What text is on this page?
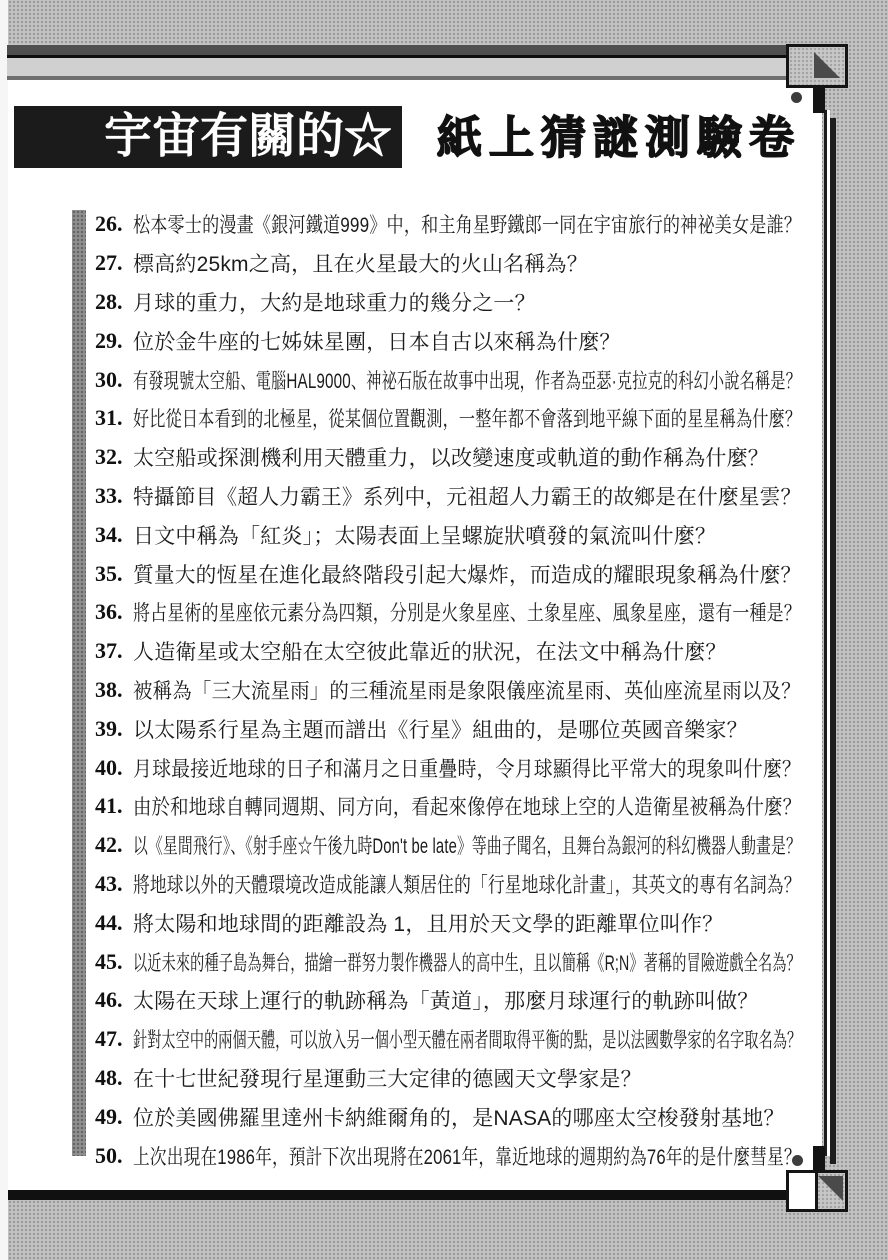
宇宙有關的☆ 紙上猜謎測驗卷
26. 松本零士的漫畫《銀河鐵道999》中，和主角星野鐵郎一同在宇宙旅行的神祕美女是誰？
27. 標高約25km之高，且在火星最大的火山名稱為？
28. 月球的重力，大約是地球重力的幾分之一？
29. 位於金牛座的七姊妹星團，日本自古以來稱為什麼？
30. 有發現號太空船、電腦HAL9000、神祕石版在故事中出現，作者為亞瑟·克拉克的科幻小說名稱是？
31. 好比從日本看到的北極星，從某個位置觀測，一整年都不會落到地平線下面的星星稱為什麼？
32. 太空船或探測機利用天體重力，以改變速度或軌道的動作稱為什麼？
33. 特攝節目《超人力霸王》系列中，元祖超人力霸王的故鄉是在什麼星雲？
34. 日文中稱為「紅炎」；太陽表面上呈螺旋狀噴發的氣流叫什麼？
35. 質量大的恆星在進化最終階段引起大爆炸，而造成的耀眼現象稱為什麼？
36. 將占星術的星座依元素分為四類，分別是火象星座、土象星座、風象星座，還有一種是？
37. 人造衛星或太空船在太空彼此靠近的狀況，在法文中稱為什麼？
38. 被稱為「三大流星雨」的三種流星雨是象限儀座流星雨、英仙座流星雨以及？
39. 以太陽系行星為主題而譜出《行星》組曲的，是哪位英國音樂家？
40. 月球最接近地球的日子和滿月之日重疊時，令月球顯得比平常大的現象叫什麼？
41. 由於和地球自轉同週期、同方向，看起來像停在地球上空的人造衛星被稱為什麼？
42. 以《星間飛行》、《射手座☆午後九時Don't be late》等曲子聞名，且舞台為銀河的科幻機器人動畫是？
43. 將地球以外的天體環境改造成能讓人類居住的「行星地球化計畫」，其英文的專有名詞為？
44. 將太陽和地球間的距離設為 1，且用於天文學的距離單位叫作？
45. 以近未來的種子島為舞台，描繪一群努力製作機器人的高中生，且以簡稱《R;N》著稱的冒險遊戲全名為？
46. 太陽在天球上運行的軌跡稱為「黃道」，那麼月球運行的軌跡叫做？
47. 針對太空中的兩個天體，可以放入另一個小型天體在兩者間取得平衡的點，是以法國數學家的名字取名為？
48. 在十七世紀發現行星運動三大定律的德國天文學家是？
49. 位於美國佛羅里達州卡納維爾角的，是NASA的哪座太空梭發射基地？
50. 上次出現在1986年，預計下次出現將在2061年，靠近地球的週期約為76年的是什麼彗星？
